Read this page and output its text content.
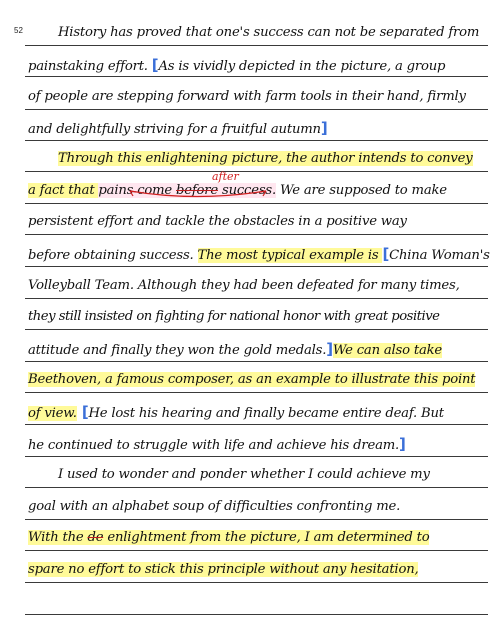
52	History has proved that one's success can not be separated from
painstaking effort. [As is vividly depicted in the picture, a group
of people are stepping forward with farm tools in their hand, firmly
and delightfully striving for a fruitful autumn]
Through this enlightening picture, the author intends to convey
after
a fact that pains come before success. We are supposed to make
persistent effort and tackle the obstacles in a positive way
before obtaining success. The most typical example is [China Woman's
Volleyball Team. Although they had been defeated for many times,
they still insisted on fighting for national honor with great positive
attitude and finally they won the gold medals.]We can also take
Beethoven, a famous composer, as an example to illustrate this point
of view. [He lost his hearing and finally became entire deaf. But
he continued to struggle with life and achieve his dream.]
I used to wonder and ponder whether I could achieve my
goal with an alphabet soup of difficulties confronting me.
With the de enlightment from the picture, I am determined to
spare no effort to stick this principle without any hesitation,
